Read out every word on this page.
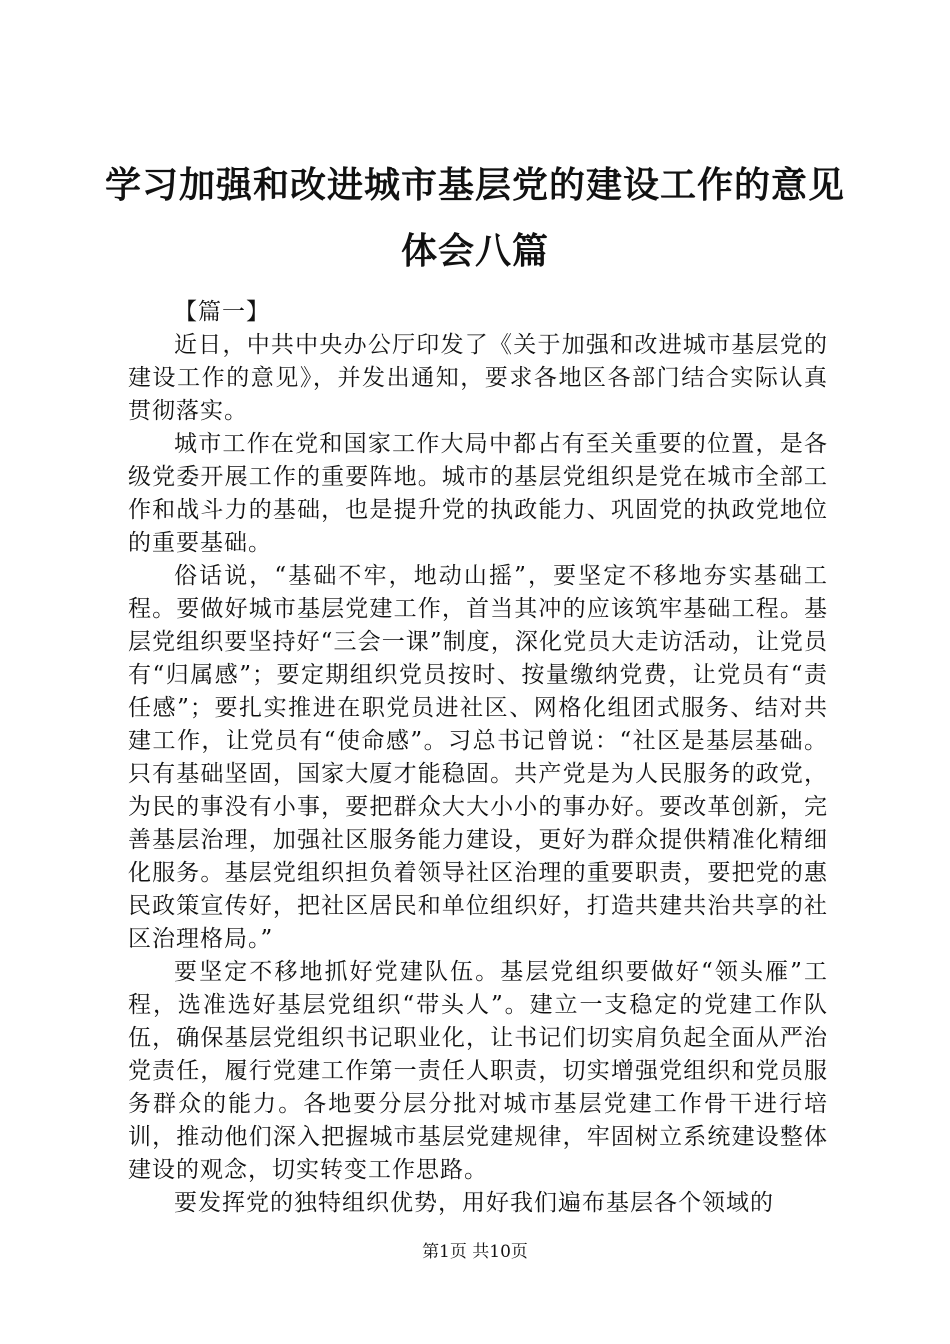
学习加强和改进城市基层党的建设工作的意见
体会八篇
【篇一】

近日，中共中央办公厅印发了《关于加强和改进城市基层党的建设工作的意见》，并发出通知，要求各地区各部门结合实际认真贯彻落实。

城市工作在党和国家工作大局中都占有至关重要的位置，是各级党委开展工作的重要阵地。城市的基层党组织是党在城市全部工作和战斗力的基础，也是提升党的执政能力、巩固党的执政党地位的重要基础。

俗话说，“基础不牢，地动山摇”，要坚定不移地夯实基础工程。要做好城市基层党建工作，首当其冲的应该筑牢基础工程。基层党组织要坚持好“三会一课”制度，深化党员大走访活动，让党员有“归属感”；要定期组织党员按时、按量缴纳党费，让党员有“责任感”；要扎实推进在职党员进社区、网格化组团式服务、结对共建工作，让党员有“使命感”。习总书记曾说：“社区是基层基础。只有基础坚固，国家大厦才能稳固。共产党是为人民服务的政党，为民的事没有小事，要把群众大大小小的事办好。要改革创新，完善基层治理，加强社区服务能力建设，更好为群众提供精准化精细化服务。基层党组织担负着领导社区治理的重要职责，要把党的惠民政策宣传好，把社区居民和单位组织好，打造共建共治共享的社区治理格局。”

要坚定不移地抓好党建队伍。基层党组织要做好“领头雁”工程，选准选好基层党组织“带头人”。建立一支稳定的党建工作队伍，确保基层党组织书记职业化，让书记们切实肩负起全面从严治党责任，履行党建工作第一责任人职责，切实增强党组织和党员服务群众的能力。各地要分层分批对城市基层党建工作骨干进行培训，推动他们深入把握城市基层党建规律，牢固树立系统建设整体建设的观念，切实转变工作思路。

要发挥党的独特组织优势，用好我们遍布基层各个领域的

第1页 共10页
